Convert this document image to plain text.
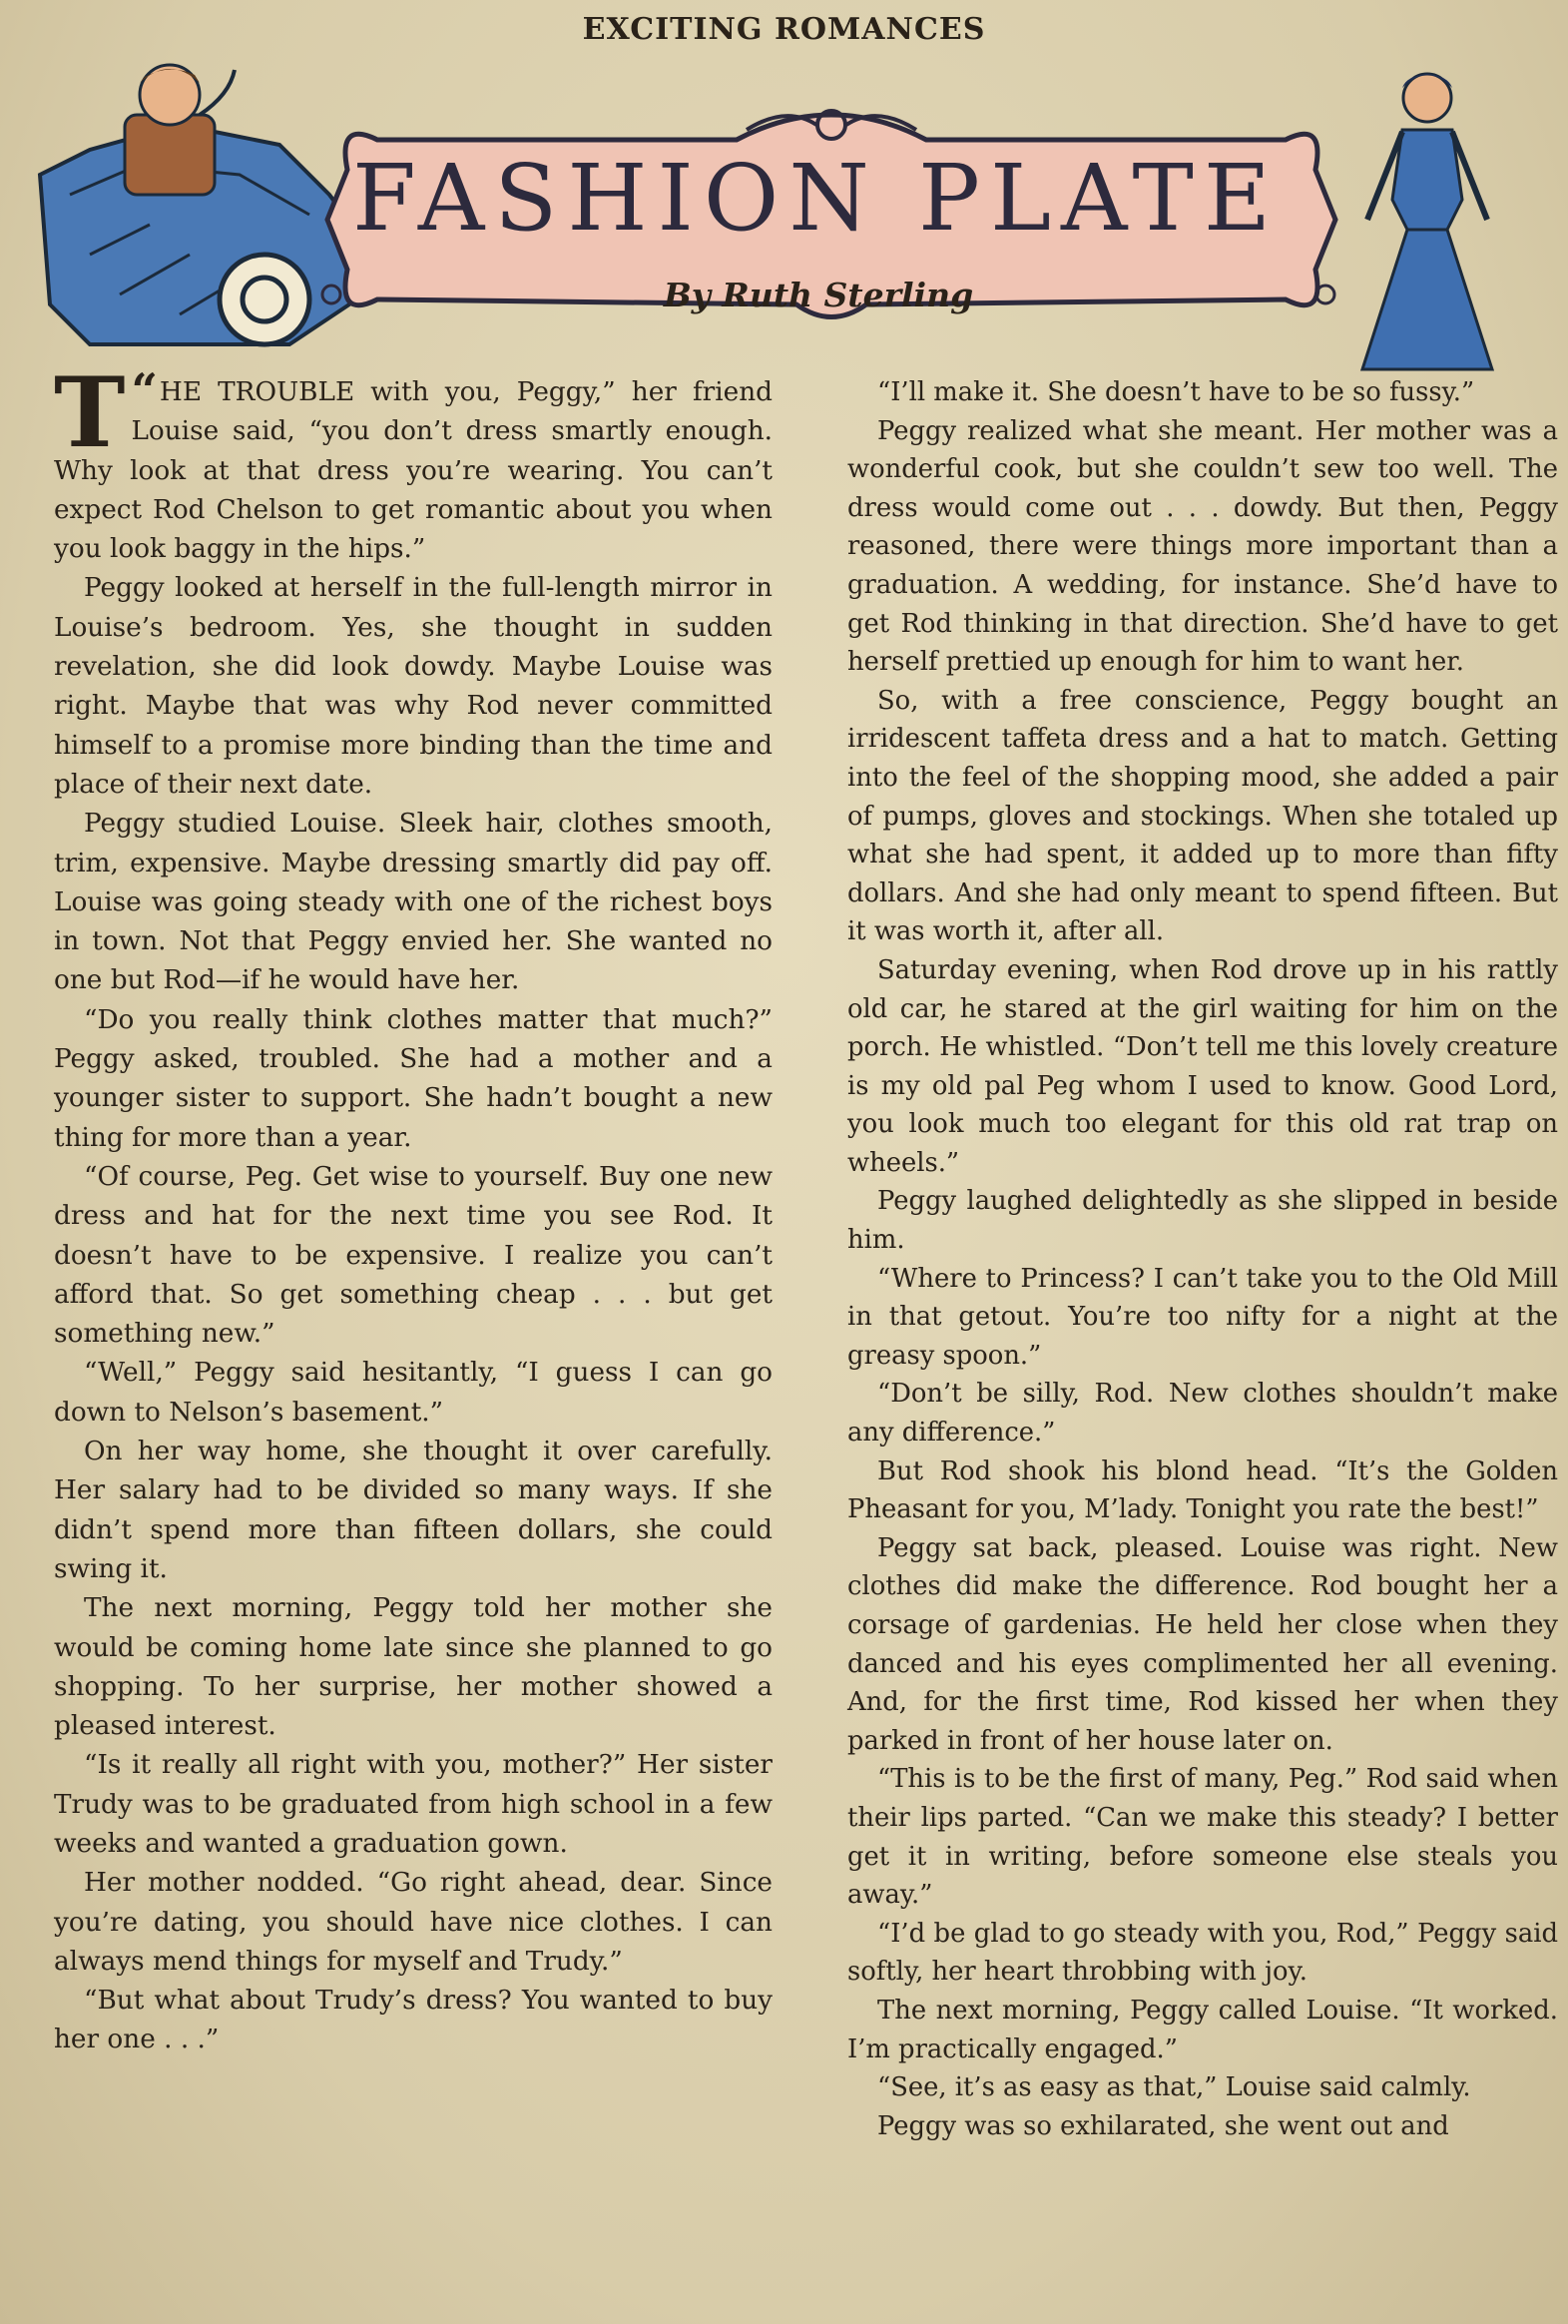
EXCITING ROMANCES
FASHION PLATE
By Ruth Sterling

“
T HE TROUBLE with you, Peggy,” her friend Louise said, “you don’t dress smartly enough. Why look at that dress you’re wearing. You can’t expect Rod Chelson to get romantic about you when you look baggy in the hips.”

Peggy looked at herself in the full-length mirror in Louise’s bedroom. Yes, she thought in sudden revelation, she did look dowdy. Maybe Louise was right. Maybe that was why Rod never committed himself to a promise more binding than the time and place of their next date.

Peggy studied Louise. Sleek hair, clothes smooth, trim, expensive. Maybe dressing smartly did pay off. Louise was going steady with one of the richest boys in town. Not that Peggy envied her. She wanted no one but Rod—if he would have her.

“Do you really think clothes matter that much?” Peggy asked, troubled. She had a mother and a younger sister to support. She hadn’t bought a new thing for more than a year.

“Of course, Peg. Get wise to yourself. Buy one new dress and hat for the next time you see Rod. It doesn’t have to be expensive. I realize you can’t afford that. So get something cheap . . . but get something new.”

“Well,” Peggy said hesitantly, “I guess I can go down to Nelson’s basement.”

On her way home, she thought it over carefully. Her salary had to be divided so many ways. If she didn’t spend more than fifteen dollars, she could swing it.

The next morning, Peggy told her mother she would be coming home late since she planned to go shopping. To her surprise, her mother showed a pleased interest.

“Is it really all right with you, mother?” Her sister Trudy was to be graduated from high school in a few weeks and wanted a graduation gown.

Her mother nodded. “Go right ahead, dear. Since you’re dating, you should have nice clothes. I can always mend things for myself and Trudy.”

“But what about Trudy’s dress? You wanted to buy her one . . .”

“I’ll make it. She doesn’t have to be so fussy.”

Peggy realized what she meant. Her mother was a wonderful cook, but she couldn’t sew too well. The dress would come out . . . dowdy. But then, Peggy reasoned, there were things more important than a graduation. A wedding, for instance. She’d have to get Rod thinking in that direction. She’d have to get herself prettied up enough for him to want her.

So, with a free conscience, Peggy bought an irridescent taffeta dress and a hat to match. Getting into the feel of the shopping mood, she added a pair of pumps, gloves and stockings. When she totaled up what she had spent, it added up to more than fifty dollars. And she had only meant to spend fifteen. But it was worth it, after all.

Saturday evening, when Rod drove up in his rattly old car, he stared at the girl waiting for him on the porch. He whistled. “Don’t tell me this lovely creature is my old pal Peg whom I used to know. Good Lord, you look much too elegant for this old rat trap on wheels.”

Peggy laughed delightedly as she slipped in beside him.

“Where to Princess? I can’t take you to the Old Mill in that getout. You’re too nifty for a night at the greasy spoon.”

“Don’t be silly, Rod. New clothes shouldn’t make any difference.”

But Rod shook his blond head. “It’s the Golden Pheasant for you, M’lady. Tonight you rate the best!”

Peggy sat back, pleased. Louise was right. New clothes did make the difference. Rod bought her a corsage of gardenias. He held her close when they danced and his eyes complimented her all evening. And, for the first time, Rod kissed her when they parked in front of her house later on.

“This is to be the first of many, Peg.” Rod said when their lips parted. “Can we make this steady? I better get it in writing, before someone else steals you away.”

“I’d be glad to go steady with you, Rod,” Peggy said softly, her heart throbbing with joy.

The next morning, Peggy called Louise. “It worked. I’m practically engaged.”

“See, it’s as easy as that,” Louise said calmly.

Peggy was so exhilarated, she went out and
